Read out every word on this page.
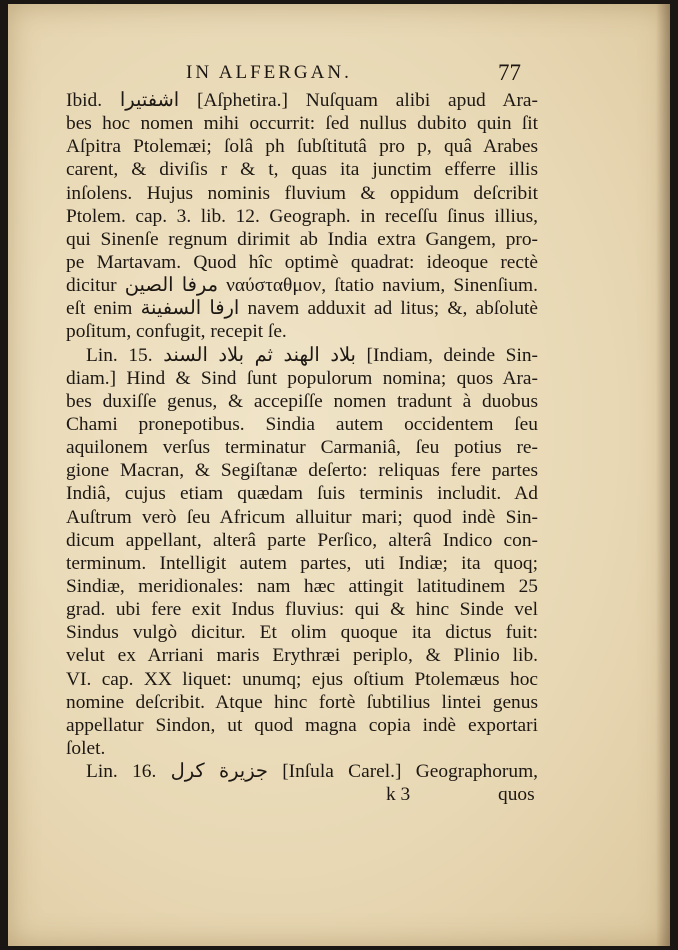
IN ALFERGAN.	77
Ibid. اشفتيرا [Aſphetira.] Nuſquam alibi apud Ara-
bes hoc nomen mihi occurrit: ſed nullus dubito quin ſit
Aſpitra Ptolemæi; ſolâ ph ſubſtitutâ pro p, quâ Arabes
carent, & diviſis r & t, quas ita junctim efferre illis
inſolens. Hujus nominis fluvium & oppidum deſcribit
Ptolem. cap. 3. lib. 12. Geograph. in receſſu ſinus illius,
qui Sinenſe regnum dirimit ab India extra Gangem, pro-
pe Martavam. Quod hîc optimè quadrat: ideoque rectè
dicitur مرفا الصين ναύσταθμον, ſtatio navium, Sinenſium.
eſt enim ارفا السفينة navem adduxit ad litus; &, abſolutè
poſitum, confugit, recepit ſe.
Lin. 15. بلاد الهند ثم بلاد السند [Indiam, deinde Sin-
diam.] Hind & Sind ſunt populorum nomina; quos Ara-
bes duxiſſe genus, & accepiſſe nomen tradunt à duobus
Chami pronepotibus. Sindia autem occidentem ſeu
aquilonem verſus terminatur Carmaniâ, ſeu potius re-
gione Macran, & Segiſtanæ deſerto: reliquas fere partes
Indiâ, cujus etiam quædam ſuis terminis includit. Ad
Auſtrum verò ſeu Africum alluitur mari; quod indè Sin-
dicum appellant, alterâ parte Perſico, alterâ Indico con-
terminum. Intelligit autem partes, uti Indiæ; ita quoq;
Sindiæ, meridionales: nam hæc attingit latitudinem 25
grad. ubi fere exit Indus fluvius: qui & hinc Sinde vel
Sindus vulgò dicitur. Et olim quoque ita dictus fuit:
velut ex Arriani maris Erythræi periplo, & Plinio lib.
VI. cap. XX liquet: unumq; ejus oſtium Ptolemæus hoc
nomine deſcribit. Atque hinc fortè ſubtilius lintei genus
appellatur Sindon, ut quod magna copia indè exportari
ſolet.
Lin. 16. جزيرة كرل [Inſula Carel.] Geographorum,
k 3	quos
